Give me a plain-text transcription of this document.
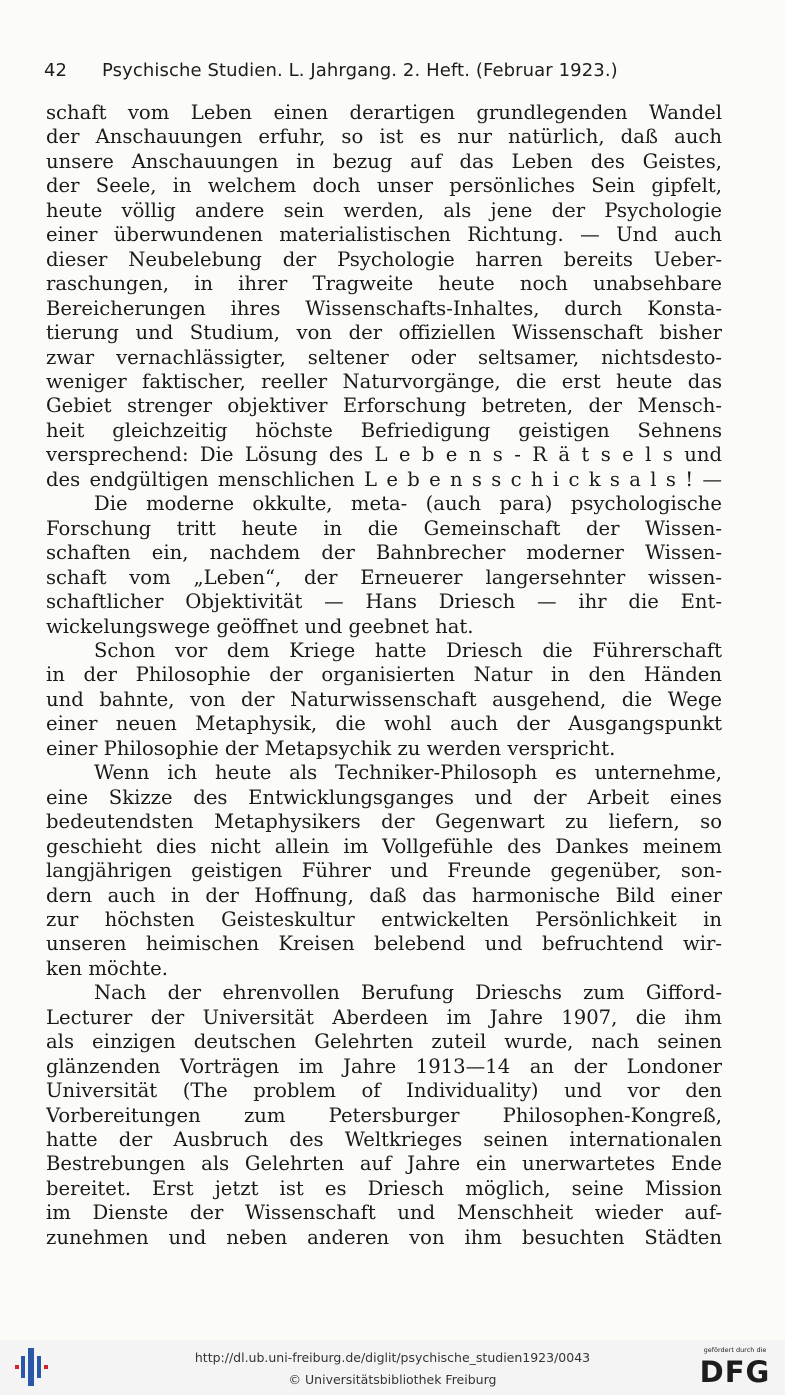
42 Psychische Studien. L. Jahrgang. 2. Heft. (Februar 1923.)
schaft vom Leben einen derartigen grundlegenden Wandel
der Anschauungen erfuhr, so ist es nur natürlich, daß auch
unsere Anschauungen in bezug auf das Leben des Geistes,
der Seele, in welchem doch unser persönliches Sein gipfelt,
heute völlig andere sein werden, als jene der Psychologie
einer überwundenen materialistischen Richtung. — Und auch
dieser Neubelebung der Psychologie harren bereits Ueber-
raschungen, in ihrer Tragweite heute noch unabsehbare
Bereicherungen ihres Wissenschafts-Inhaltes, durch Konsta-
tierung und Studium, von der offiziellen Wissenschaft bisher
zwar vernachlässigter, seltener oder seltsamer, nichtsdesto-
weniger faktischer, reeller Naturvorgänge, die erst heute das
Gebiet strenger objektiver Erforschung betreten, der Mensch-
heit gleichzeitig höchste Befriedigung geistigen Sehnens
versprechend: Die Lösung des L e b e n s - R ä t s e l s und
des endgültigen menschlichen L e b e n s s c h i c k s a l s ! —
Die moderne okkulte, meta- (auch para) psychologische
Forschung tritt heute in die Gemeinschaft der Wissen-
schaften ein, nachdem der Bahnbrecher moderner Wissen-
schaft vom „Leben“, der Erneuerer langersehnter wissen-
schaftlicher Objektivität — Hans Driesch — ihr die Ent-
wickelungswege geöffnet und geebnet hat.
Schon vor dem Kriege hatte Driesch die Führerschaft
in der Philosophie der organisierten Natur in den Händen
und bahnte, von der Naturwissenschaft ausgehend, die Wege
einer neuen Metaphysik, die wohl auch der Ausgangspunkt
einer Philosophie der Metapsychik zu werden verspricht.
Wenn ich heute als Techniker-Philosoph es unternehme,
eine Skizze des Entwicklungsganges und der Arbeit eines
bedeutendsten Metaphysikers der Gegenwart zu liefern, so
geschieht dies nicht allein im Vollgefühle des Dankes meinem
langjährigen geistigen Führer und Freunde gegenüber, son-
dern auch in der Hoffnung, daß das harmonische Bild einer
zur höchsten Geisteskultur entwickelten Persönlichkeit in
unseren heimischen Kreisen belebend und befruchtend wir-
ken möchte.
Nach der ehrenvollen Berufung Drieschs zum Gifford-
Lecturer der Universität Aberdeen im Jahre 1907, die ihm
als einzigen deutschen Gelehrten zuteil wurde, nach seinen
glänzenden Vorträgen im Jahre 1913—14 an der Londoner
Universität (The problem of Individuality) und vor den
Vorbereitungen zum Petersburger Philosophen-Kongreß,
hatte der Ausbruch des Weltkrieges seinen internationalen
Bestrebungen als Gelehrten auf Jahre ein unerwartetes Ende
bereitet. Erst jetzt ist es Driesch möglich, seine Mission
im Dienste der Wissenschaft und Menschheit wieder auf-
zunehmen und neben anderen von ihm besuchten Städten
http://dl.ub.uni-freiburg.de/diglit/psychische_studien1923/0043
© Universitätsbibliothek Freiburg
gefördert durch die
DFG
